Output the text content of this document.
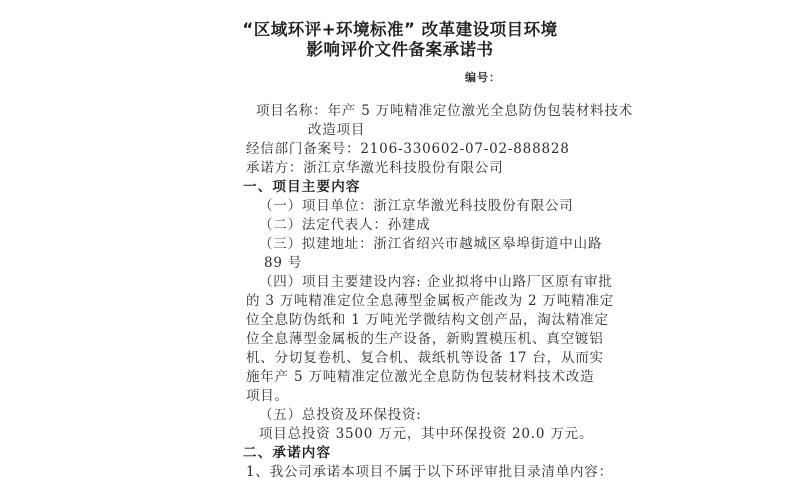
“区域环评+环境标准” 改革建设项目环境
影响评价文件备案承诺书
编号：
项目名称：年产 5 万吨精准定位激光全息防伪包装材料技术
改造项目
经信部门备案号：2106-330602-07-02-888828
承诺方：浙江京华激光科技股份有限公司
一、项目主要内容
（一）项目单位：浙江京华激光科技股份有限公司
（二）法定代表人：孙建成
（三）拟建地址：浙江省绍兴市越城区皋埠街道中山路
89 号
（四）项目主要建设内容: 企业拟将中山路厂区原有审批
的 3 万吨精准定位全息薄型金属板产能改为 2 万吨精准定
位全息防伪纸和 1 万吨光学微结构文创产品，淘汰精准定
位全息薄型金属板的生产设备，新购置模压机、真空镀铝
机、分切复卷机、复合机、裁纸机等设备 17 台，从而实
施年产 5 万吨精准定位激光全息防伪包装材料技术改造
项目。
（五）总投资及环保投资:
项目总投资 3500 万元，其中环保投资 20.0 万元。
二、承诺内容
1、我公司承诺本项目不属于以下环评审批目录清单内容：
